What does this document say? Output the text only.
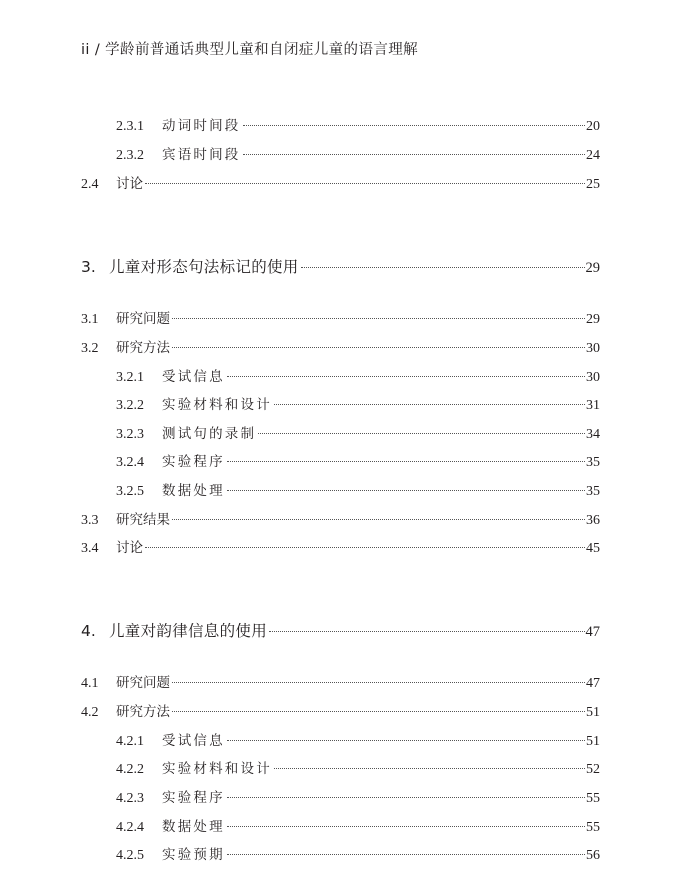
ii / 学龄前普通话典型儿童和自闭症儿童的语言理解
2.3.1	动词时间段	20
2.3.2	宾语时间段	24
2.4	讨论	25
3. 儿童对形态句法标记的使用	29
3.1	研究问题	29
3.2	研究方法	30
3.2.1	受试信息	30
3.2.2	实验材料和设计	31
3.2.3	测试句的录制	34
3.2.4	实验程序	35
3.2.5	数据处理	35
3.3	研究结果	36
3.4	讨论	45
4. 儿童对韵律信息的使用	47
4.1	研究问题	47
4.2	研究方法	51
4.2.1	受试信息	51
4.2.2	实验材料和设计	52
4.2.3	实验程序	55
4.2.4	数据处理	55
4.2.5	实验预期	56
